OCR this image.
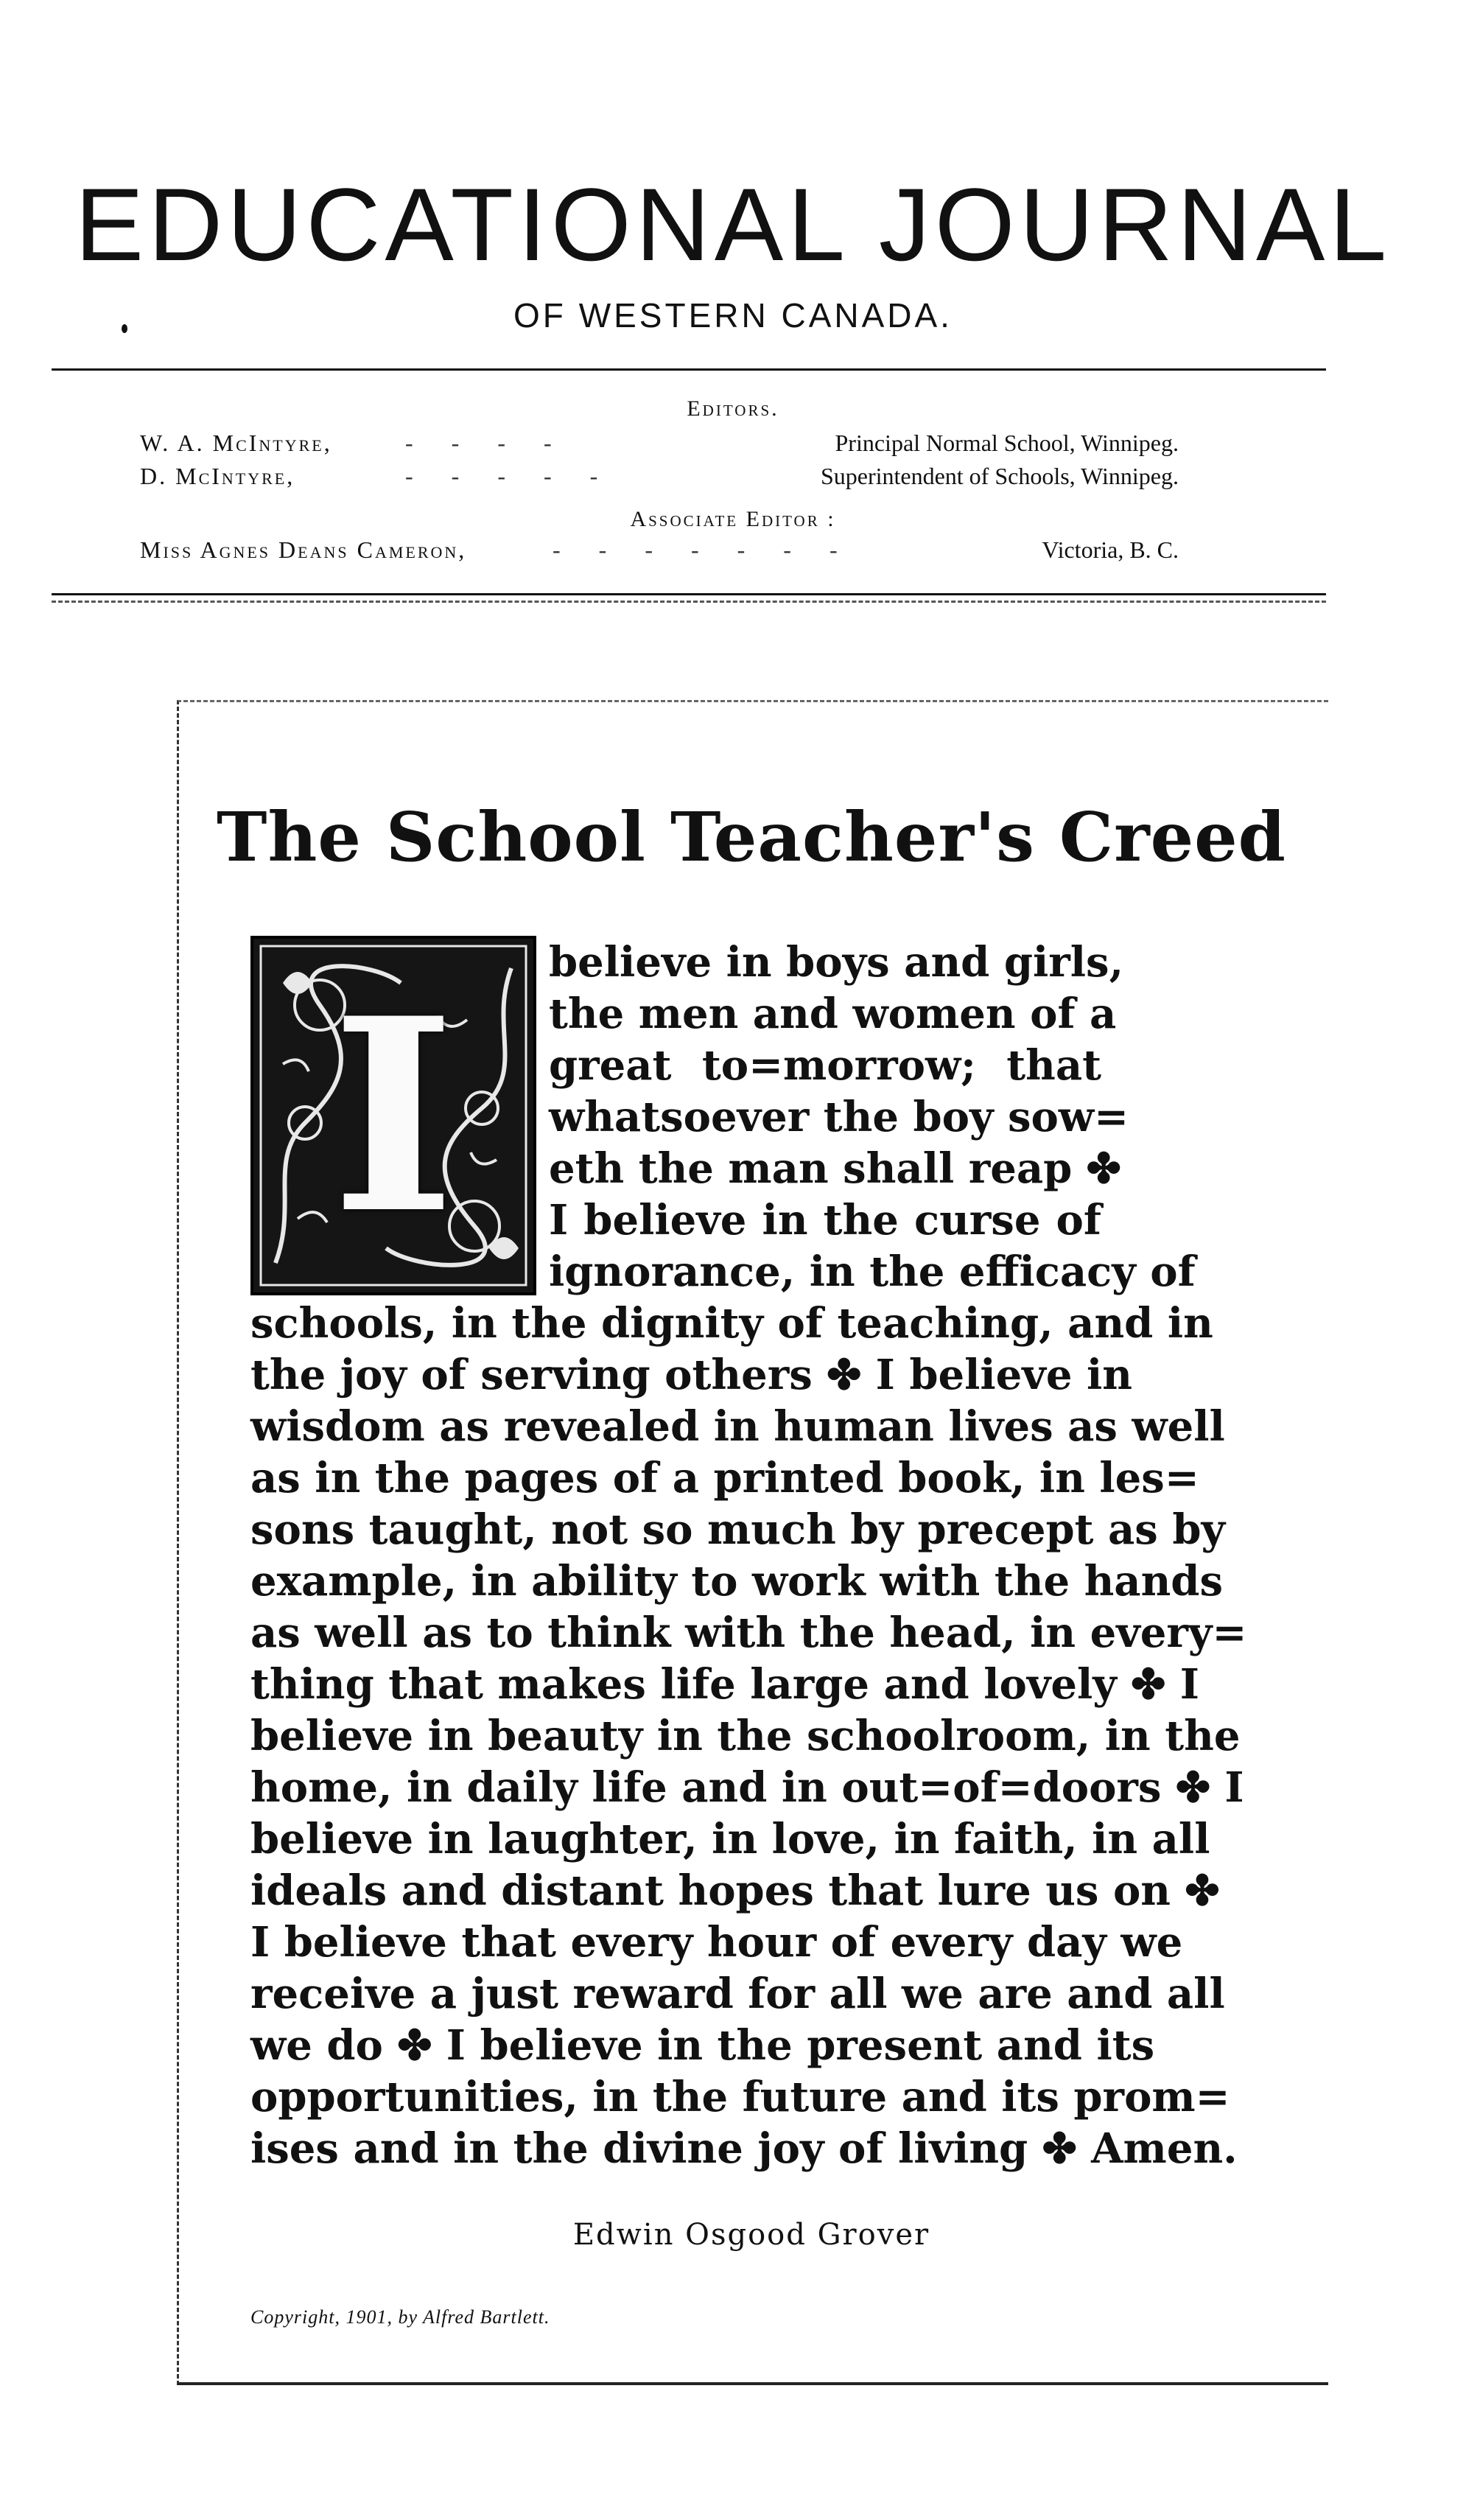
EDUCATIONAL JOURNAL
OF WESTERN CANADA.
Editors.
W. A. McIntyre,	- - - -	Principal Normal School, Winnipeg.
D. McIntyre,	- - - - -	Superintendent of Schools, Winnipeg.
Associate Editor :
Miss Agnes Deans Cameron,	- - - - - - -	Victoria, B. C.
The School Teacher's Creed
I	believe in boys and girls,
the men and women of a
great to=morrow; that
whatsoever the boy sow=
eth the man shall reap ✤
I believe in the curse of
ignorance, in the efficacy of
schools, in the dignity of teaching, and in
the joy of serving others ✤ I believe in
wisdom as revealed in human lives as well
as in the pages of a printed book, in les=
sons taught, not so much by precept as by
example, in ability to work with the hands
as well as to think with the head, in every=
thing that makes life large and lovely ✤ I
believe in beauty in the schoolroom, in the
home, in daily life and in out=of=doors ✤ I
believe in laughter, in love, in faith, in all
ideals and distant hopes that lure us on ✤
I believe that every hour of every day we
receive a just reward for all we are and all
we do ✤ I believe in the present and its
opportunities, in the future and its prom=
ises and in the divine joy of living ✤ Amen.
Edwin Osgood Grover
Copyright, 1901, by Alfred Bartlett.
